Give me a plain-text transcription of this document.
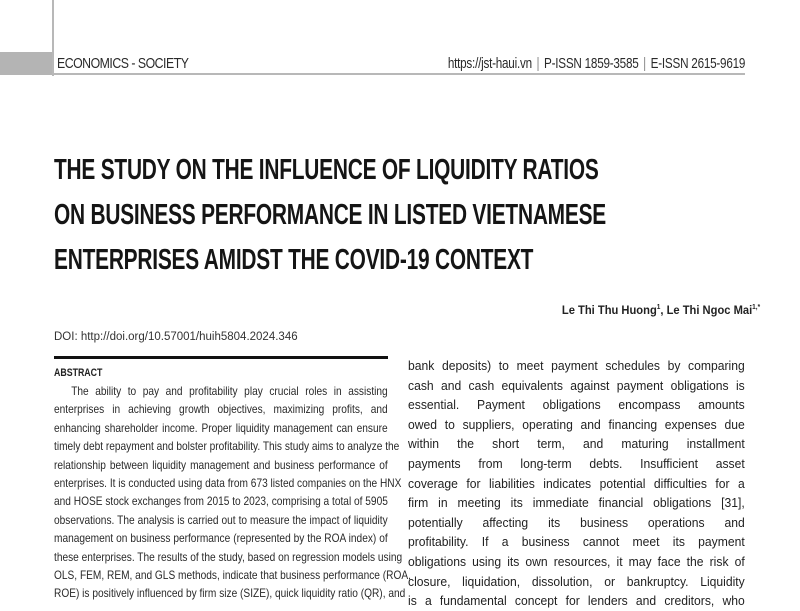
ECONOMICS - SOCIETY	https://jst-haui.vn | P-ISSN 1859-3585 | E-ISSN 2615-9619
THE STUDY ON THE INFLUENCE OF LIQUIDITY RATIOS
ON BUSINESS PERFORMANCE IN LISTED VIETNAMESE
ENTERPRISES AMIDST THE COVID-19 CONTEXT
Le Thi Thu Huong$^1$, Le Thi Ngoc Mai$^{1,*}$
DOI: http://doi.org/10.57001/huih5804.2024.346
ABSTRACT
The ability to pay and profitability play crucial roles in assisting
enterprises in achieving growth objectives, maximizing profits, and
enhancing shareholder income. Proper liquidity management can ensure
timely debt repayment and bolster profitability. This study aims to analyze the
relationship between liquidity management and business performance of
enterprises. It is conducted using data from 673 listed companies on the HNX
and HOSE stock exchanges from 2015 to 2023, comprising a total of 5905
observations. The analysis is carried out to measure the impact of liquidity
management on business performance (represented by the ROA index) of
these enterprises. The results of the study, based on regression models using
OLS, FEM, REM, and GLS methods, indicate that business performance (ROA,
ROE) is positively influenced by firm size (SIZE), quick liquidity ratio (QR), and
bank deposits) to meet payment schedules by comparing
cash and cash equivalents against payment obligations is
essential. Payment obligations encompass amounts
owed to suppliers, operating and financing expenses due
within the short term, and maturing installment
payments from long-term debts. Insufficient asset
coverage for liabilities indicates potential difficulties for a
firm in meeting its immediate financial obligations [31],
potentially affecting its business operations and
profitability. If a business cannot meet its payment
obligations using its own resources, it may face the risk of
closure, liquidation, dissolution, or bankruptcy. Liquidity
is a fundamental concept for lenders and creditors, who
